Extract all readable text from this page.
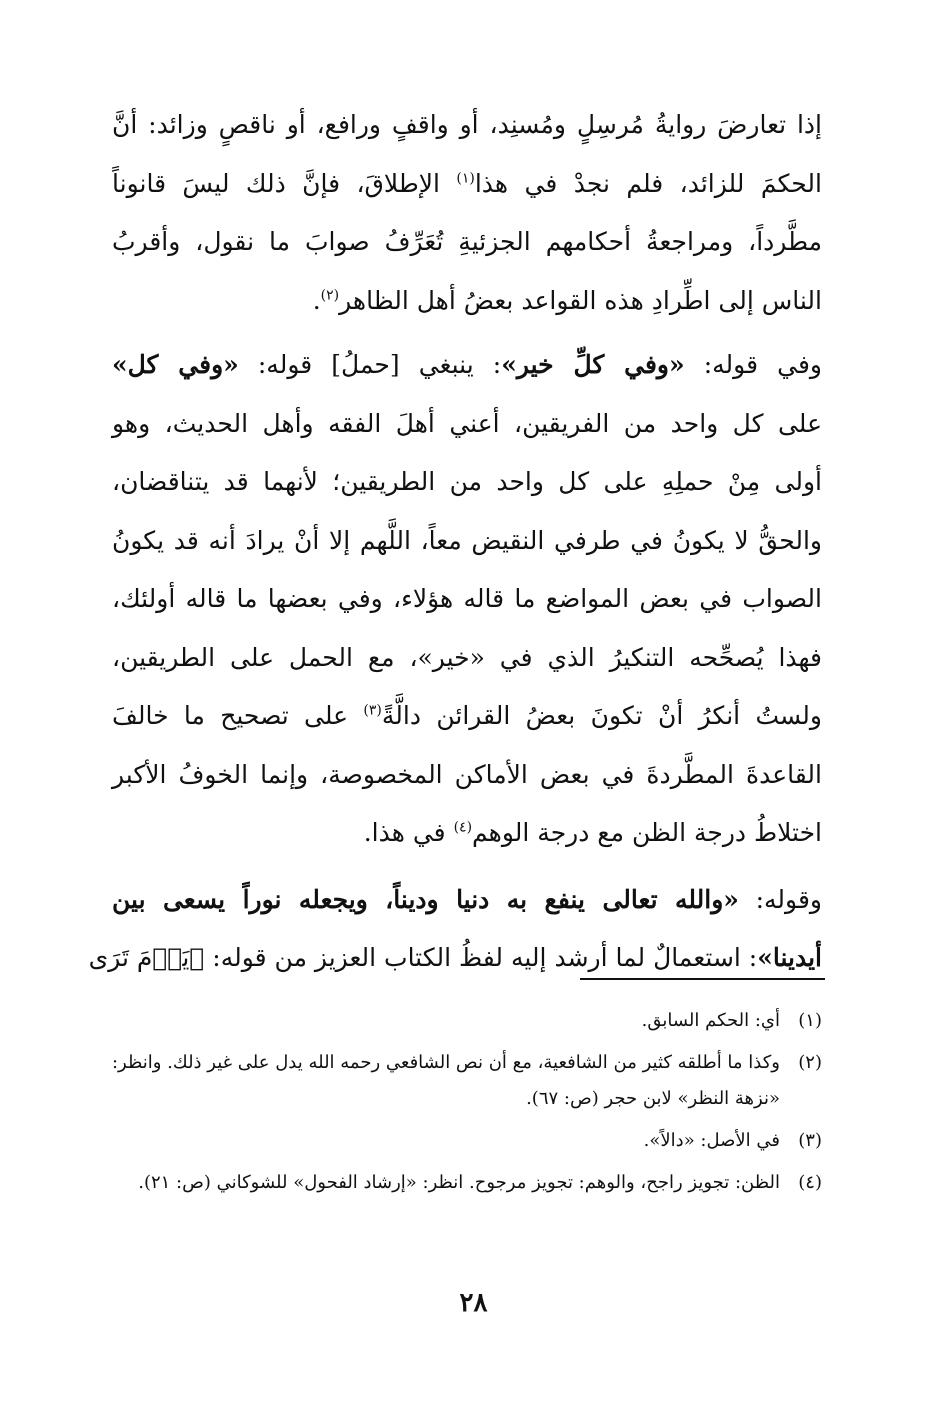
إذا تعارضَ روايةُ مُرسِلٍ ومُسنِد، أو واقفٍ ورافع، أو ناقصٍ وزائد: أنَّ
الحكمَ للزائد، فلم نجدْ في هذا$^{(١)}$ الإطلاقَ، فإنَّ ذلك ليسَ قانوناً
مطَّرداً، ومراجعةُ أحكامهم الجزئيةِ تُعَرِّفُ صوابَ ما نقول، وأقربُ
الناس إلى اطِّرادِ هذه القواعد بعضُ أهل الظاهر$^{(٢)}$.

وفي قوله: «وفي كلِّ خير»: ينبغي [حملُ] قوله: «وفي كل»
على كل واحد من الفريقين، أعني أهلَ الفقه وأهل الحديث، وهو
أولى مِنْ حملِهِ على كل واحد من الطريقين؛ لأنهما قد يتناقضان،
والحقُّ لا يكونُ في طرفي النقيض معاً، اللَّهم إلا أنْ يرادَ أنه قد يكونُ
الصواب في بعض المواضع ما قاله هؤلاء، وفي بعضها ما قاله أولئك،
فهذا يُصحِّحه التنكيرُ الذي في «خير»، مع الحمل على الطريقين،
ولستُ أنكرُ أنْ تكونَ بعضُ القرائن دالَّةً$^{(٣)}$ على تصحيح ما خالفَ
القاعدةَ المطَّردةَ في بعض الأماكن المخصوصة، وإنما الخوفُ الأكبر
اختلاطُ درجة الظن مع درجة الوهم$^{(٤)}$ في هذا.

وقوله: «والله تعالى ينفع به دنيا وديناً، ويجعله نوراً يسعى بين
أيدينا»: استعمالٌ لما أرشد إليه لفظُ الكتاب العزيز من قوله: ﴿يَوۡمَ تَرَى

(١)
أي: الحكم السابق.
(٢)
وكذا ما أطلقه كثير من الشافعية، مع أن نص الشافعي رحمه الله يدل على غير ذلك. وانظر: «نزهة النظر» لابن حجر (ص: ٦٧).
(٣)
في الأصل: «دالاً».
(٤)
الظن: تجويز راجح، والوهم: تجويز مرجوح. انظر: «إرشاد الفحول» للشوكاني (ص: ٢١).
٢٨
